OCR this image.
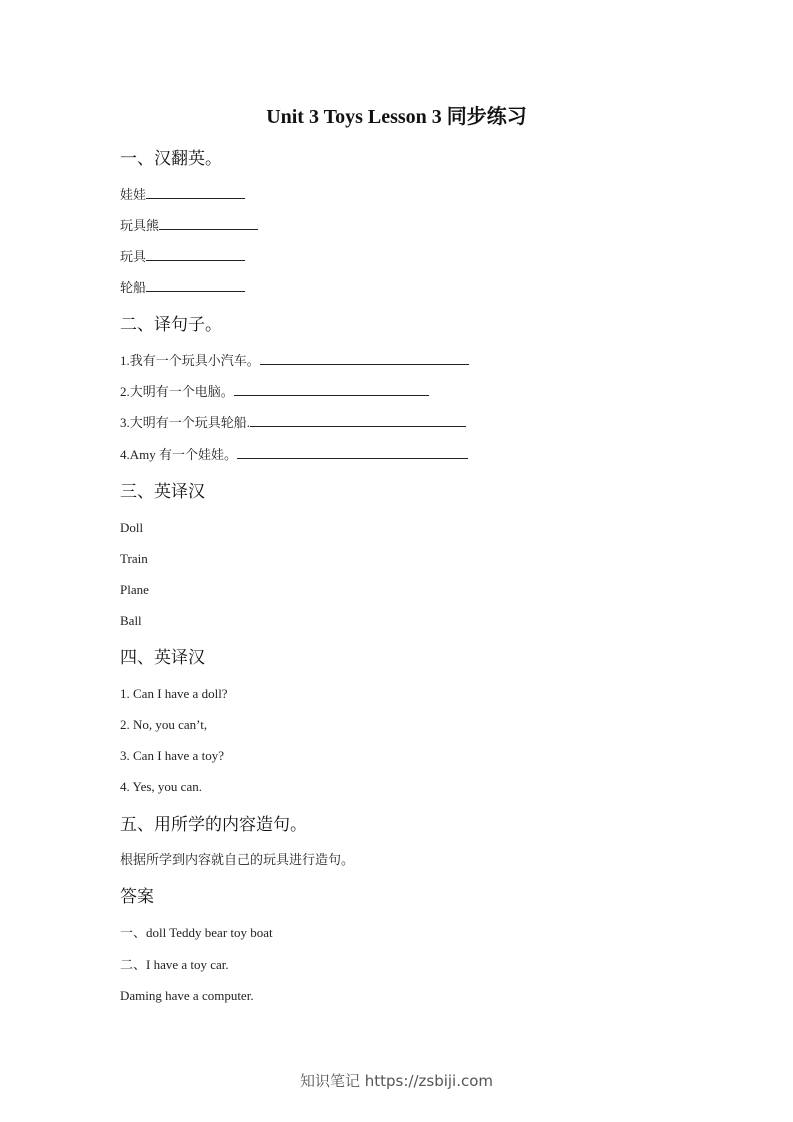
Unit 3 Toys Lesson 3 同步练习
一、汉翻英。
娃娃
玩具熊
玩具
轮船
二、译句子。
1.我有一个玩具小汽车。
2.大明有一个电脑。
3.大明有一个玩具轮船.
4.Amy 有一个娃娃。
三、英译汉
Doll
Train
Plane
Ball
四、英译汉
1. Can I have a doll?
2. No, you can’t,
3. Can I have a toy?
4. Yes, you can.
五、用所学的内容造句。
根据所学到内容就自己的玩具进行造句。
答案
一、doll Teddy bear toy boat
二、I have a toy car.
Daming have a computer.
知识笔记 https://zsbiji.com
